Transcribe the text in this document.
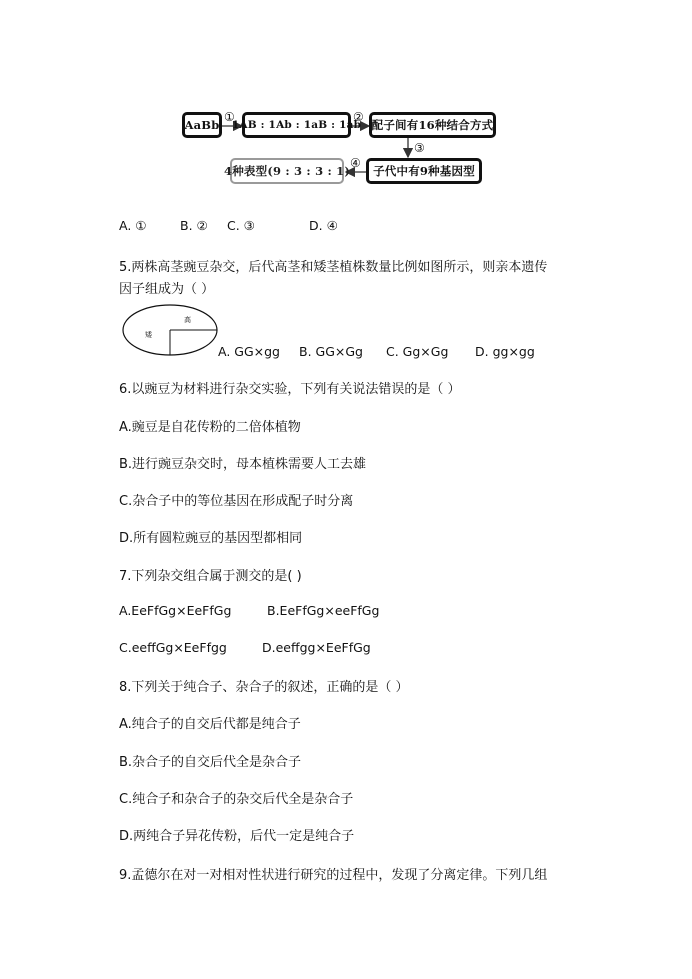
AaBb 1AB : 1Ab : 1aB : 1ab 配子间有16种结合方式
子代中有9种基因型
4种表型(9 : 3 : 3 : 1)
①	②
③
④
A. ①	B. ② C. ③	D. ④
5.两株高茎豌豆杂交，后代高茎和矮茎植株数量比例如图所示，则亲本遗传
因子组成为（ ）
高
矮
A. GG×gg B. GG×Gg C. Gg×Gg D. gg×gg
6.以豌豆为材料进行杂交实验，下列有关说法错误的是（ ）
A.豌豆是自花传粉的二倍体植物
B.进行豌豆杂交时，母本植株需要人工去雄
C.杂合子中的等位基因在形成配子时分离
D.所有圆粒豌豆的基因型都相同
7.下列杂交组合属于测交的是( )
A.EeFfGg×EeFfGg	B.EeFfGg×eeFfGg
C.eeffGg×EeFfgg	D.eeffgg×EeFfGg
8.下列关于纯合子、杂合子的叙述，正确的是（ ）
A.纯合子的自交后代都是纯合子
B.杂合子的自交后代全是杂合子
C.纯合子和杂合子的杂交后代全是杂合子
D.两纯合子异花传粉，后代一定是纯合子
9.孟德尔在对一对相对性状进行研究的过程中，发现了分离定律。下列几组
